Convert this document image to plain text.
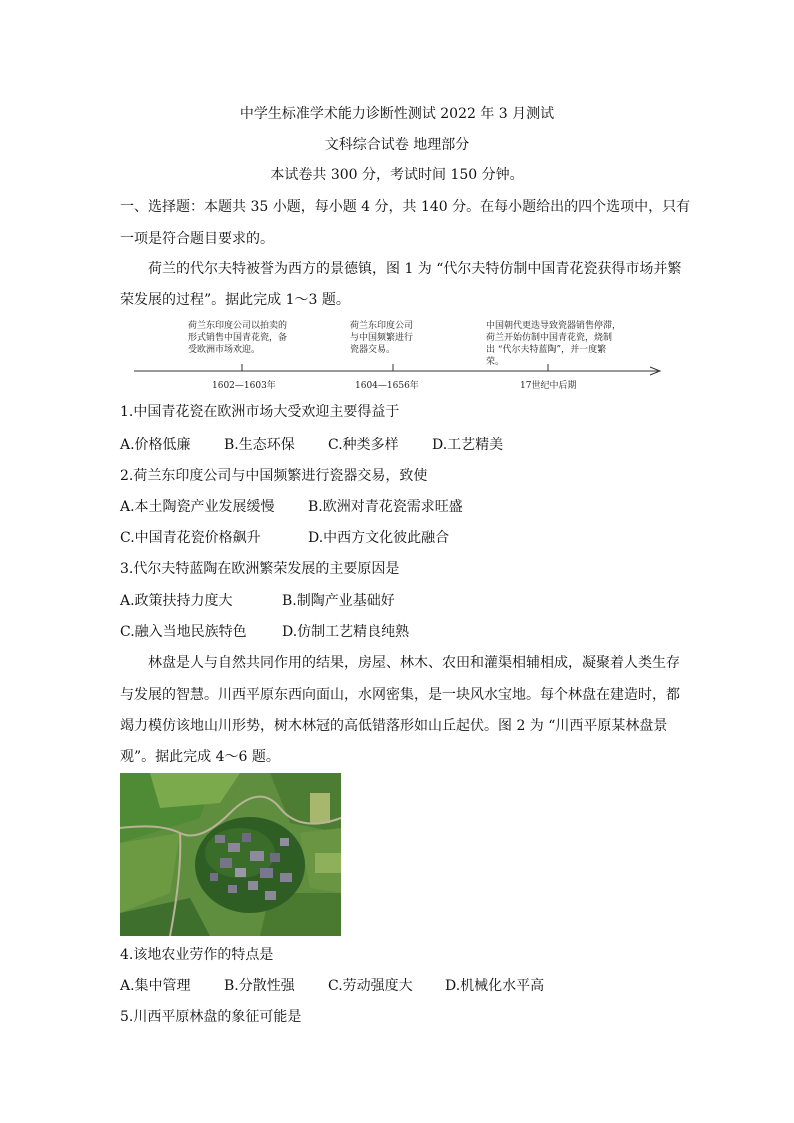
中学生标准学术能力诊断性测试 2022 年 3 月测试
文科综合试卷 地理部分
本试卷共 300 分，考试时间 150 分钟。
一、选择题：本题共 35 小题，每小题 4 分，共 140 分。在每小题给出的四个选项中，只有
一项是符合题目要求的。
荷兰的代尔夫特被誉为西方的景德镇，图 1 为 “代尔夫特仿制中国青花瓷获得市场并繁
荣发展的过程”。据此完成 1～3 题。
荷兰东印度公司以拍卖的
形式销售中国青花瓷，备
受欧洲市场欢迎。
荷兰东印度公司
与中国频繁进行
瓷器交易。
中国朝代更迭导致瓷器销售停滞，
荷兰开始仿制中国青花瓷，烧制
出 “代尔夫特蓝陶”，并一度繁
荣。
1602—1603年	1604—1656年	17世纪中后期
1.中国青花瓷在欧洲市场大受欢迎主要得益于
A.价格低廉 B.生态环保 C.种类多样 D.工艺精美
2.荷兰东印度公司与中国频繁进行瓷器交易，致使
A.本土陶瓷产业发展缓慢 B.欧洲对青花瓷需求旺盛
C.中国青花瓷价格飙升	D.中西方文化彼此融合
3.代尔夫特蓝陶在欧洲繁荣发展的主要原因是
A.政策扶持力度大	B.制陶产业基础好
C.融入当地民族特色	D.仿制工艺精良纯熟
林盘是人与自然共同作用的结果，房屋、林木、农田和灌渠相辅相成，凝聚着人类生存
与发展的智慧。川西平原东西向面山，水网密集，是一块风水宝地。每个林盘在建造时，都
竭力模仿该地山川形势，树木林冠的高低错落形如山丘起伏。图 2 为 “川西平原某林盘景
观”。据此完成 4～6 题。
4.该地农业劳作的特点是
A.集中管理 B.分散性强 C.劳动强度大 D.机械化水平高
5.川西平原林盘的象征可能是
